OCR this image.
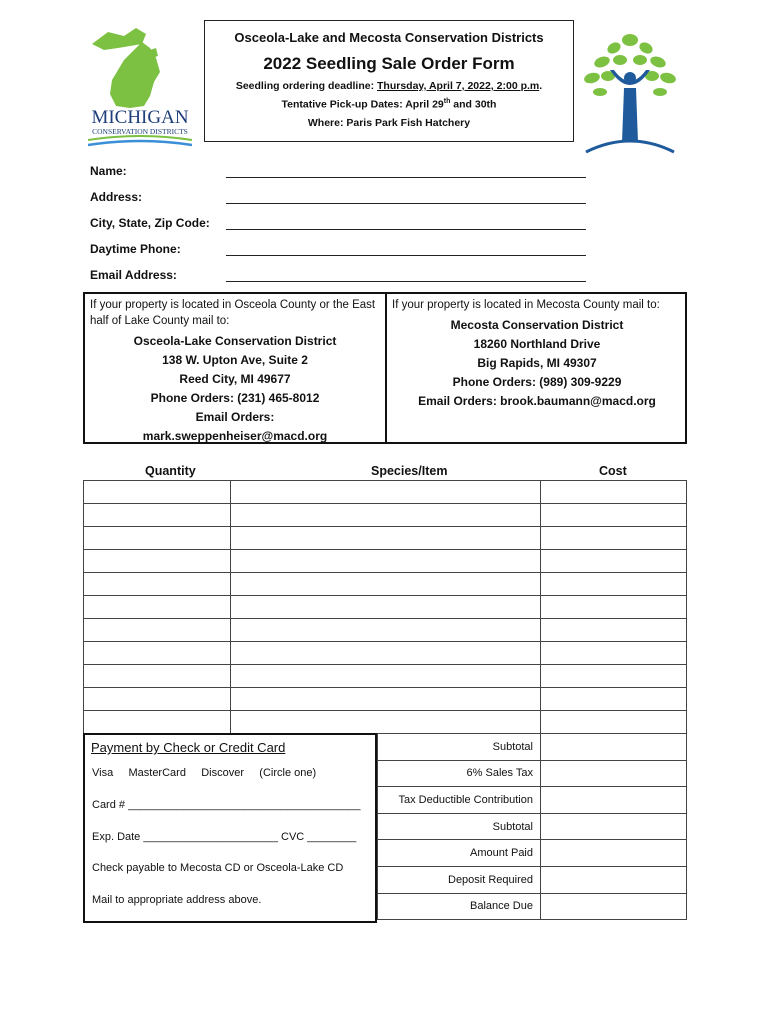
MICHIGAN
CONSERVATION DISTRICTS
Osceola-Lake and Mecosta Conservation Districts
2022 Seedling Sale Order Form
Seedling ordering deadline: Thursday, April 7, 2022, 2:00 p.m.
Tentative Pick-up Dates: April 29th and 30th
Where: Paris Park Fish Hatchery
Name:
Address:
City, State, Zip Code:
Daytime Phone:
Email Address:
If your property is located in Osceola County or the East half of Lake County mail to:
Osceola-Lake Conservation District
138 W. Upton Ave, Suite 2
Reed City, MI 49677
Phone Orders: (231) 465-8012
Email Orders:
mark.sweppenheiser@macd.org
If your property is located in Mecosta County mail to:
Mecosta Conservation District
18260 Northland Drive
Big Rapids, MI 49307
Phone Orders: (989) 309-9229
Email Orders: brook.baumann@macd.org
Quantity	Species/Item	Cost

Payment by Check or Credit Card
Visa     MasterCard     Discover     (Circle one)
Card # ______________________________________
Exp. Date ______________________ CVC ________
Check payable to Mecosta CD or Osceola-Lake CD
Mail to appropriate address above.
Subtotal	
6% Sales Tax	
Tax Deductible Contribution	
Subtotal	
Amount Paid	
Deposit Required	
Balance Due	
